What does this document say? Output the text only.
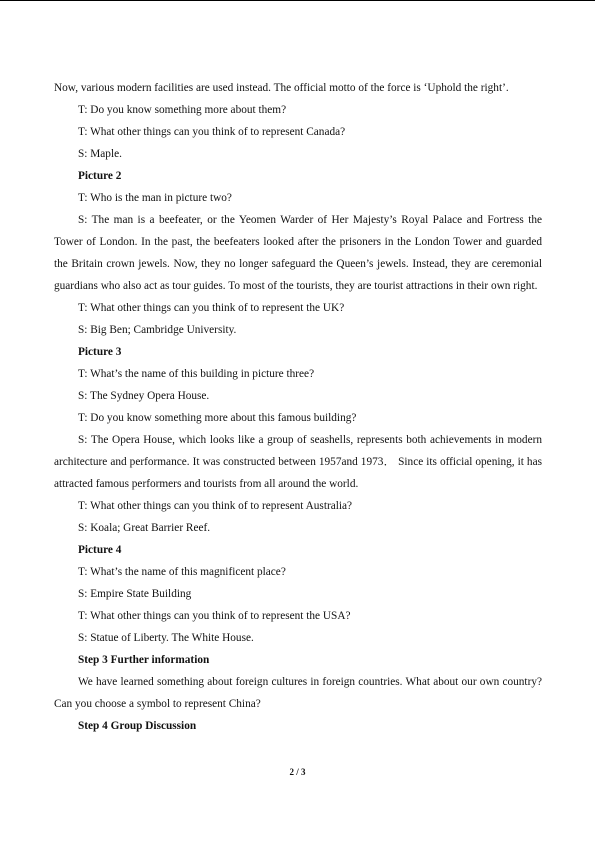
Now, various modern facilities are used instead. The official motto of the force is ‘Uphold the right’.

T: Do you know something more about them?

T: What other things can you think of to represent Canada?

S: Maple.

Picture 2

T: Who is the man in picture two?

S: The man is a beefeater, or the Yeomen Warder of Her Majesty’s Royal Palace and Fortress the Tower of London. In the past, the beefeaters looked after the prisoners in the London Tower and guarded the Britain crown jewels. Now, they no longer safeguard the Queen’s jewels. Instead, they are ceremonial guardians who also act as tour guides. To most of the tourists, they are tourist attractions in their own right.

T: What other things can you think of to represent the UK?

S: Big Ben; Cambridge University.

Picture 3

T: What’s the name of this building in picture three?

S: The Sydney Opera House.

T: Do you know something more about this famous building?

S: The Opera House, which looks like a group of seashells, represents both achievements in modern architecture and performance. It was constructed between 1957and 1973． Since its official opening, it has attracted famous performers and tourists from all around the world.

T: What other things can you think of to represent Australia?

S: Koala; Great Barrier Reef.

Picture 4

T: What’s the name of this magnificent place?

S: Empire State Building

T: What other things can you think of to represent the USA?

S: Statue of Liberty. The White House.

Step 3 Further information

We have learned something about foreign cultures in foreign countries. What about our own country? Can you choose a symbol to represent China?

Step 4 Group Discussion

2 / 3
